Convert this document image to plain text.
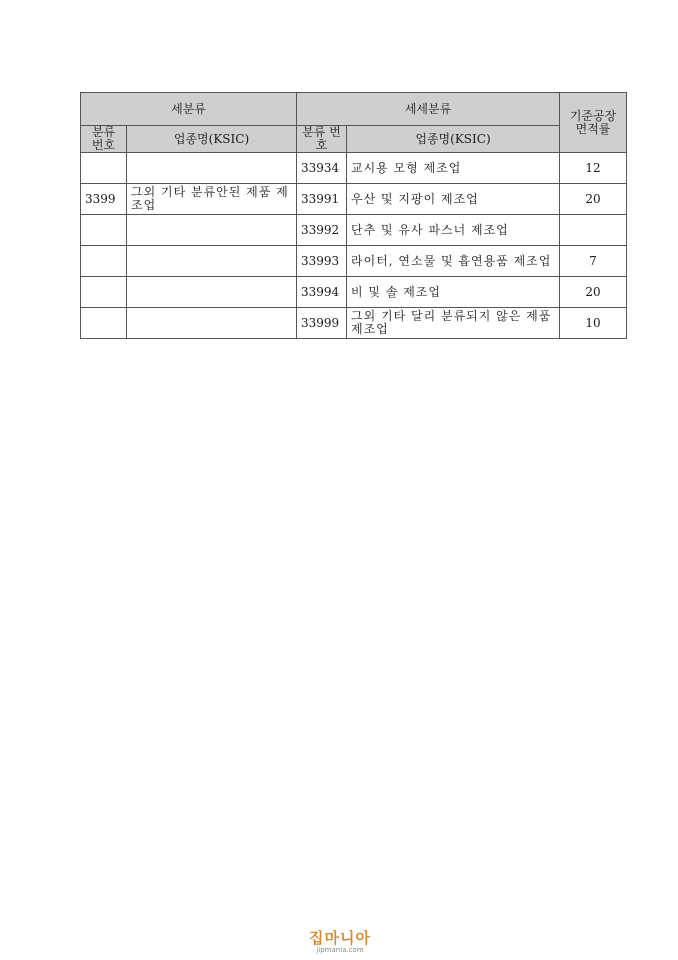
세분류		세세분류		기준공장 면적률
분류 번호	업종명(KSIC)	분류 번호	업종명(KSIC)	
		33934	교시용 모형 제조업	12
3399	그외 기타 분류안된 제품 제조업	33991	우산 및 지팡이 제조업	20
		33992	단추 및 유사 파스너 제조업	
		33993	라이터, 연소물 및 흡연용품 제조업	7
		33994	비 및 솔 제조업	20
		33999	그외 기타 달리 분류되지 않은 제품 제조업	10
집마니아
jipmania.com
